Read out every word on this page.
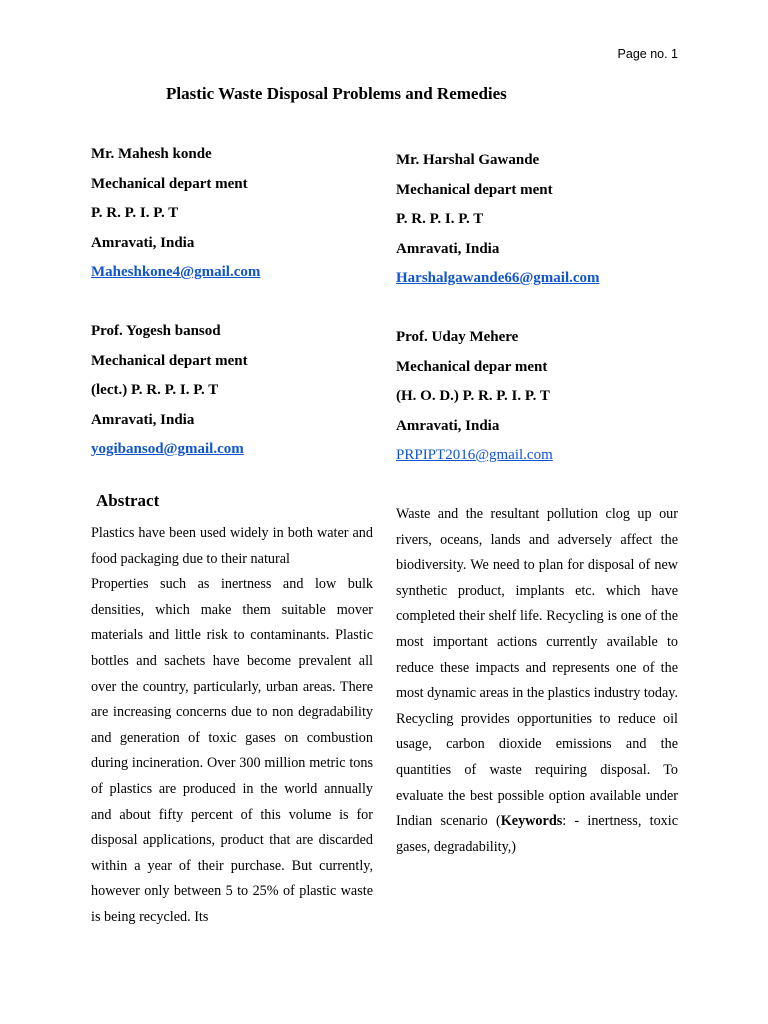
Page no. 1
Plastic Waste Disposal Problems and Remedies
Mr. Mahesh konde
Mechanical depart ment
P. R. P. I. P. T
Amravati, India
Maheshkone4@gmail.com
Mr. Harshal Gawande
Mechanical depart ment
P. R. P. I. P. T
Amravati, India
Harshalgawande66@gmail.com
Prof. Yogesh bansod
Mechanical depart ment
(lect.) P. R. P. I. P. T
Amravati, India
yogibansod@gmail.com
Prof. Uday Mehere
Mechanical depar ment
(H. O. D.) P. R. P. I. P. T
Amravati, India
PRPIPT2016@gmail.com
Abstract
Plastics have been used widely in both water and food packaging due to their natural
Properties such as inertness and low bulk densities, which make them suitable mover materials and little risk to contaminants. Plastic bottles and sachets have become prevalent all over the country, particularly, urban areas. There are increasing concerns due to non degradability and generation of toxic gases on combustion during incineration. Over 300 million metric tons of plastics are produced in the world annually and about fifty percent of this volume is for disposal applications, product that are discarded within a year of their purchase. But currently, however only between 5 to 25% of plastic waste is being recycled. Its
Waste and the resultant pollution clog up our rivers, oceans, lands and adversely affect the biodiversity. We need to plan for disposal of new synthetic product, implants etc. which have completed their shelf life. Recycling is one of the most important actions currently available to reduce these impacts and represents one of the most dynamic areas in the plastics industry today. Recycling provides opportunities to reduce oil usage, carbon dioxide emissions and the quantities of waste requiring disposal. To evaluate the best possible option available under Indian scenario (Keywords: - inertness, toxic gases, degradability,)
